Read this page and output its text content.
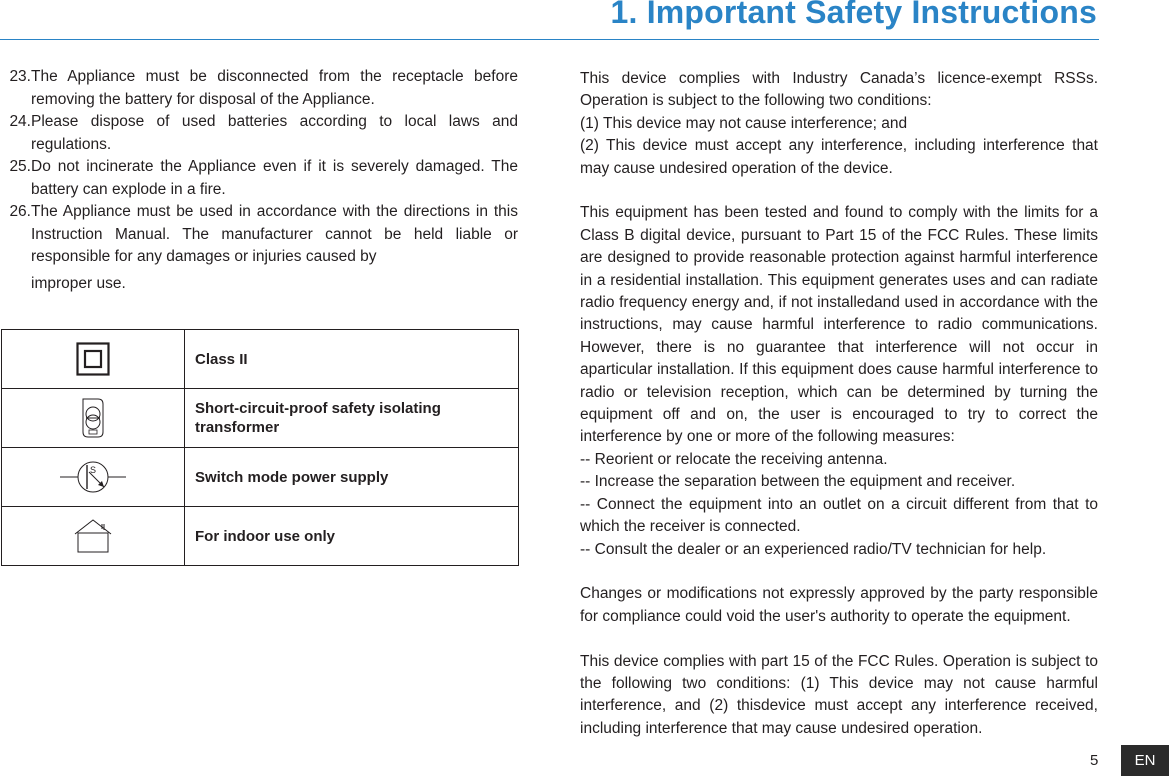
1. Important Safety Instructions
23. The Appliance must be disconnected from the receptacle before removing the battery for disposal of the Appliance.
24. Please dispose of used batteries according to local laws and regulations.
25. Do not incinerate the Appliance even if it is severely damaged. The battery can explode in a fire.
26. The Appliance must be used in accordance with the directions in this Instruction Manual. The manufacturer cannot be held liable or responsible for any damages or injuries caused by
improper use.
	Class II
	Short-circuit-proof safety isolating transformer

S	Switch mode power supply
	For indoor use only

This device complies with Industry Canada’s licence-exempt RSSs. Operation is subject to the following two conditions:

(1) This device may not cause interference; and

(2) This device must accept any interference, including interference that may cause undesired operation of the device.

This equipment has been tested and found to comply with the limits for a Class B digital device, pursuant to Part 15 of the FCC Rules. These limits are designed to provide reasonable protection against harmful interference in a residential installation. This equipment generates uses and can radiate radio frequency energy and, if not installedand used in accordance with the instructions, may cause harmful interference to radio communications. However, there is no guarantee that interference will not occur in aparticular installation. If this equipment does cause harmful interference to radio or television reception, which can be determined by turning the equipment off and on, the user is encouraged to try to correct the interference by one or more of the following measures:

-- Reorient or relocate the receiving antenna.

-- Increase the separation between the equipment and receiver.

-- Connect the equipment into an outlet on a circuit different from that to which the receiver is connected.

-- Consult the dealer or an experienced radio/TV technician for help.

Changes or modifications not expressly approved by the party responsible for compliance could void the user's authority to operate the equipment.

This device complies with part 15 of the FCC Rules. Operation is subject to the following two conditions: (1) This device may not cause harmful interference, and (2) thisdevice must accept any interference received, including interference that may cause undesired operation.

5	EN
